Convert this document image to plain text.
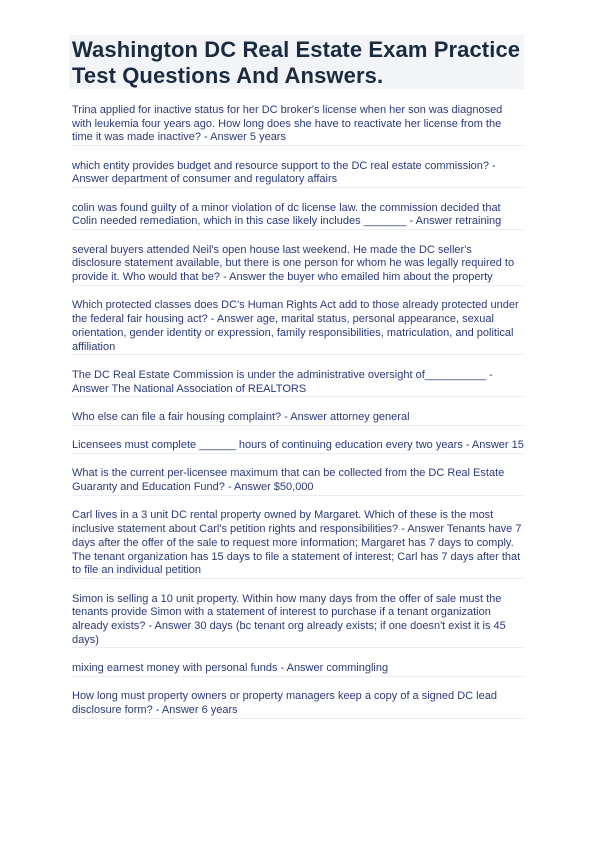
Washington DC Real Estate Exam Practice Test Questions And Answers.

Trina applied for inactive status for her DC broker's license when her son was diagnosed with leukemia four years ago. How long does she have to reactivate her license from the time it was made inactive? - Answer 5 years

which entity provides budget and resource support to the DC real estate commission? - Answer department of consumer and regulatory affairs

colin was found guilty of a minor violation of dc license law. the commission decided that Colin needed remediation, which in this case likely includes _______ - Answer retraining

several buyers attended Neil's open house last weekend. He made the DC seller's disclosure statement available, but there is one person for whom he was legally required to provide it. Who would that be? - Answer the buyer who emailed him about the property

Which protected classes does DC's Human Rights Act add to those already protected under the federal fair housing act? - Answer age, marital status, personal appearance, sexual orientation, gender identity or expression, family responsibilities, matriculation, and political affiliation

The DC Real Estate Commission is under the administrative oversight of__________ - Answer The National Association of REALTORS

Who else can file a fair housing complaint? - Answer attorney general

Licensees must complete ______ hours of continuing education every two years - Answer 15

What is the current per-licensee maximum that can be collected from the DC Real Estate Guaranty and Education Fund? - Answer $50,000

Carl lives in a 3 unit DC rental property owned by Margaret. Which of these is the most inclusive statement about Carl's petition rights and responsibilities? - Answer Tenants have 7 days after the offer of the sale to request more information; Margaret has 7 days to comply. The tenant organization has 15 days to file a statement of interest; Carl has 7 days after that to file an individual petition

Simon is selling a 10 unit property. Within how many days from the offer of sale must the tenants provide Simon with a statement of interest to purchase if a tenant organization already exists? - Answer 30 days (bc tenant org already exists; if one doesn't exist it is 45 days)

mixing earnest money with personal funds - Answer commingling

How long must property owners or property managers keep a copy of a signed DC lead disclosure form? - Answer 6 years
